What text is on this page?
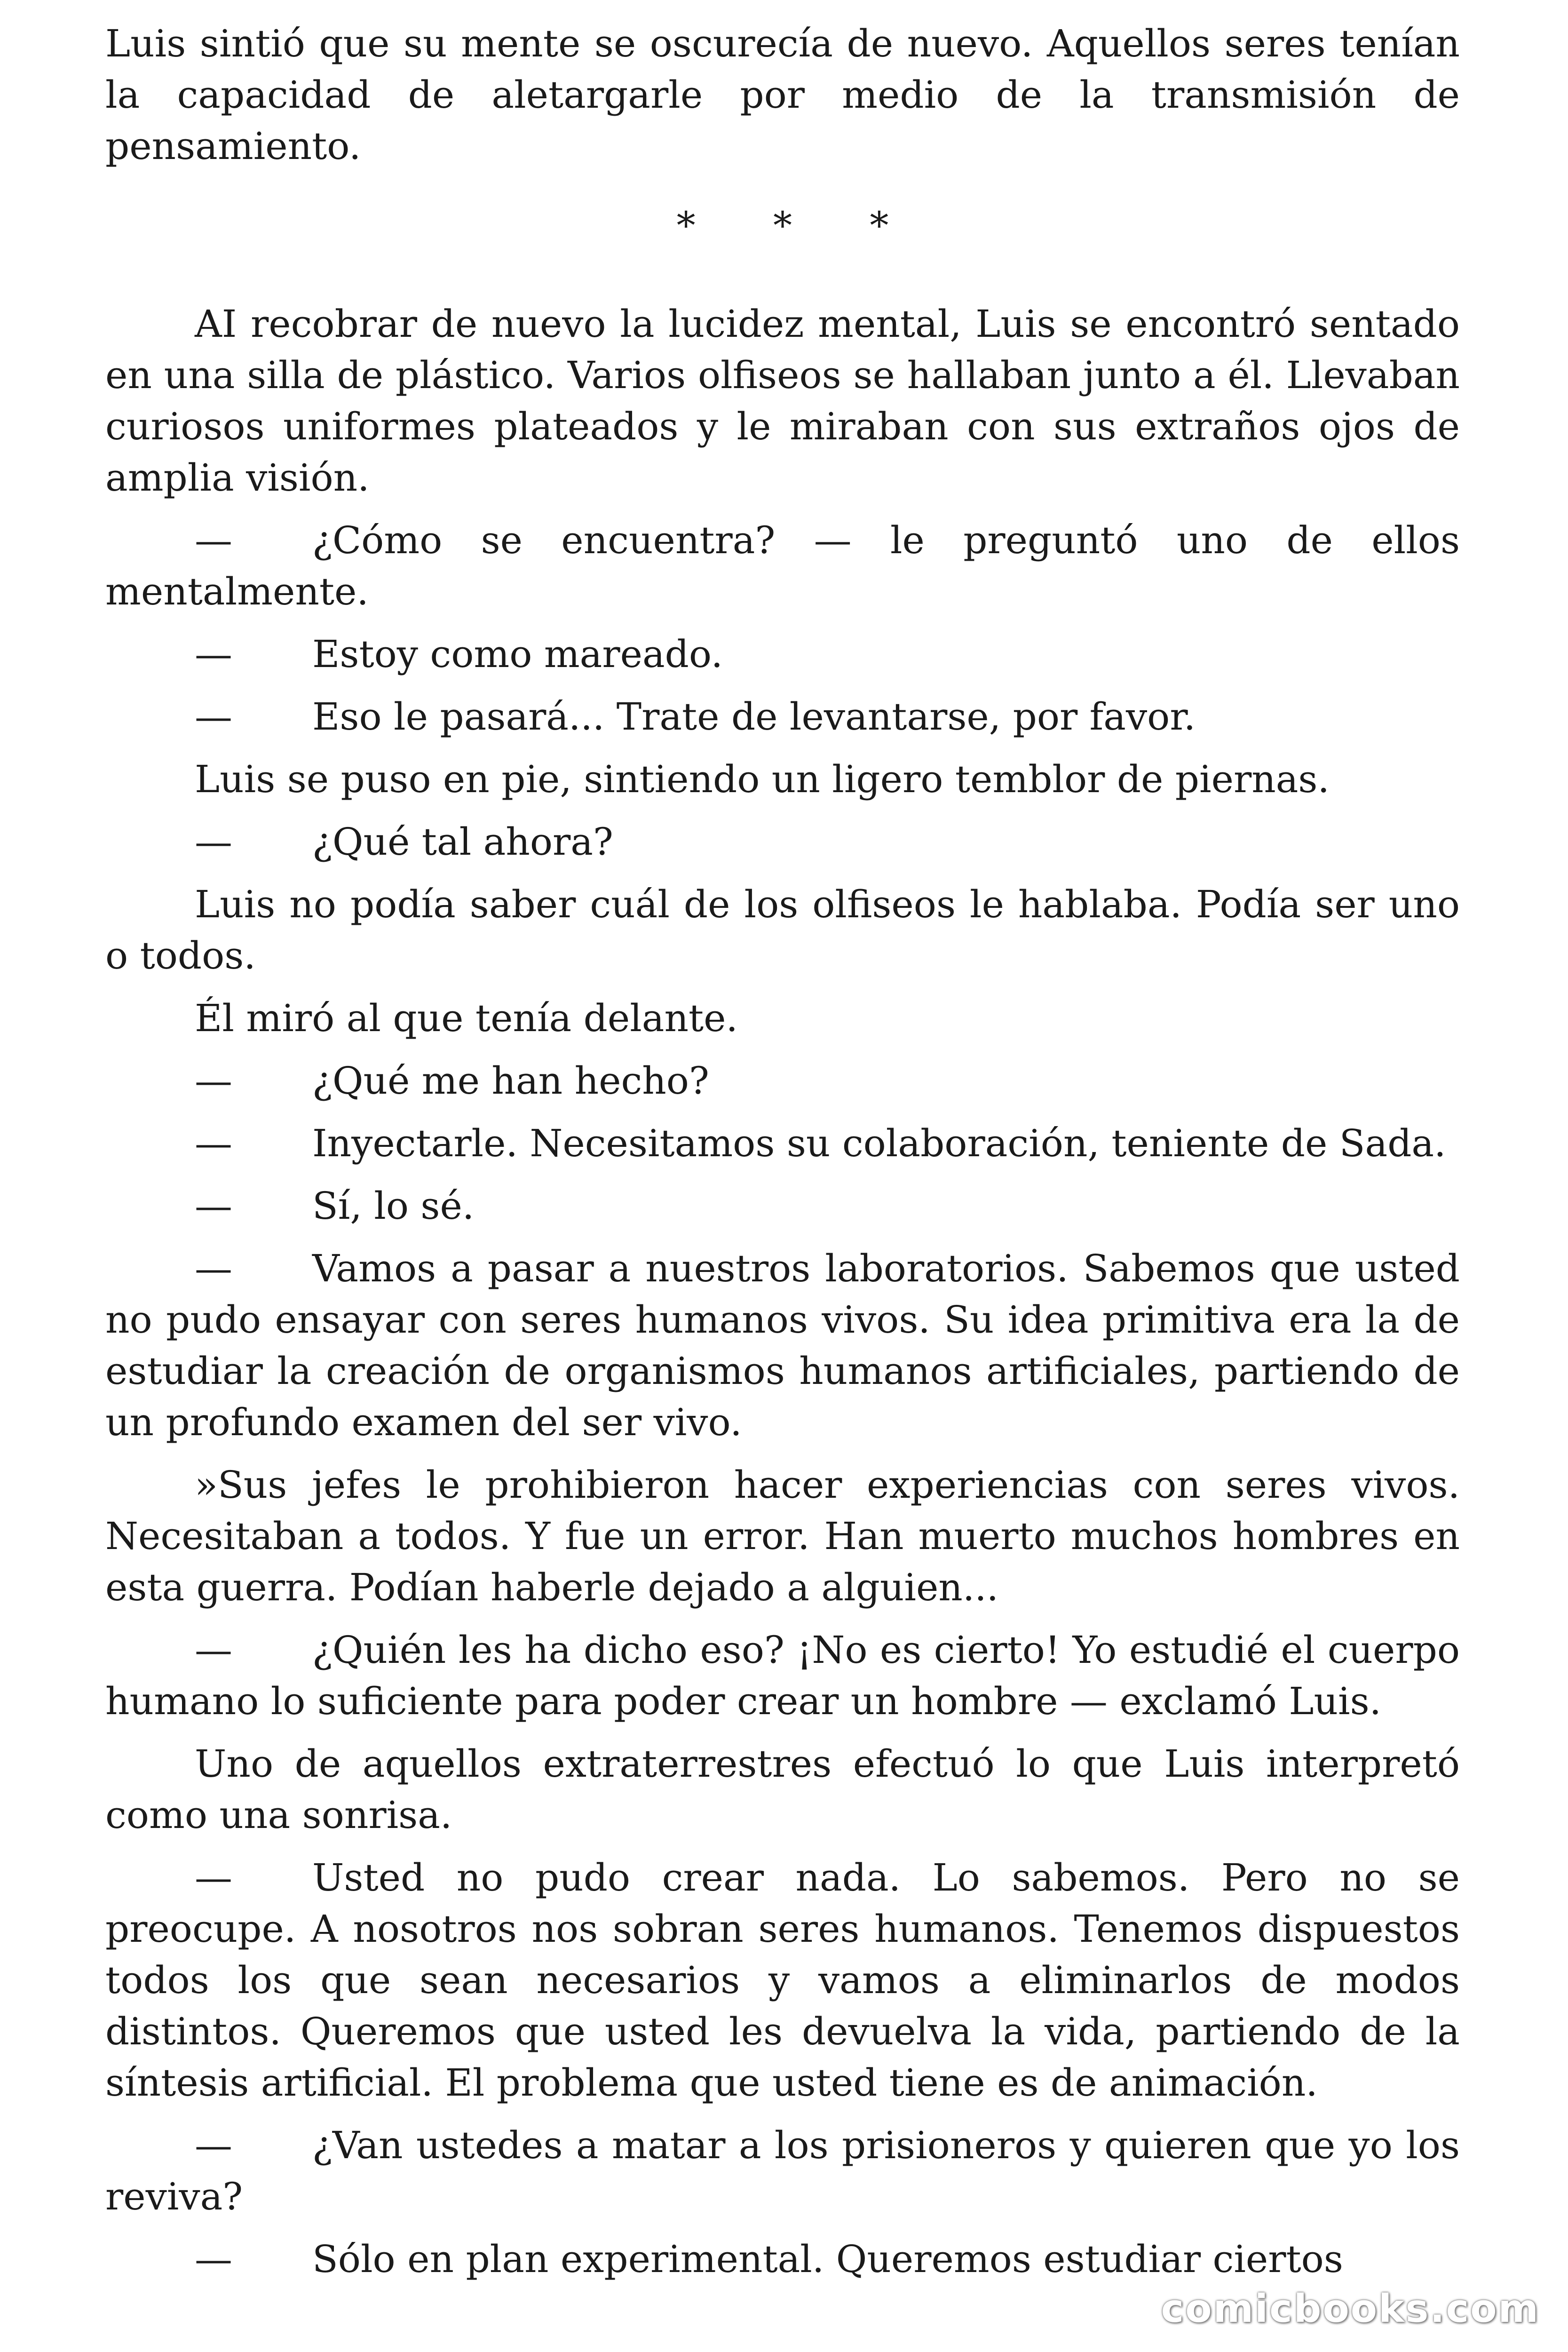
Luis sintió que su mente se oscurecía de nuevo. Aquellos seres tenían la capacidad de aletargarle por medio de la transmisión de pensamiento.

* * *

AI recobrar de nuevo la lucidez mental, Luis se encontró sentado en una silla de plástico. Varios olfiseos se hallaban junto a él. Llevaban curiosos uniformes plateados y le miraban con sus extraños ojos de amplia visión.

— ¿Cómo se encuentra? — le preguntó uno de ellos mentalmente.

— Estoy como mareado.

— Eso le pasará... Trate de levantarse, por favor.

Luis se puso en pie, sintiendo un ligero temblor de piernas.

— ¿Qué tal ahora?

Luis no podía saber cuál de los olfiseos le hablaba. Podía ser uno o todos.

Él miró al que tenía delante.

— ¿Qué me han hecho?

— Inyectarle. Necesitamos su colaboración, teniente de Sada.

— Sí, lo sé.

— Vamos a pasar a nuestros laboratorios. Sabemos que usted no pudo ensayar con seres humanos vivos. Su idea primitiva era la de estudiar la creación de organismos humanos artificiales, partiendo de un profundo examen del ser vivo.

»Sus jefes le prohibieron hacer experiencias con seres vivos. Necesitaban a todos. Y fue un error. Han muerto muchos hombres en esta guerra. Podían haberle dejado a alguien...

— ¿Quién les ha dicho eso? ¡No es cierto! Yo estudié el cuerpo humano lo suficiente para poder crear un hombre — exclamó Luis.

Uno de aquellos extraterrestres efectuó lo que Luis interpretó como una sonrisa.

— Usted no pudo crear nada. Lo sabemos. Pero no se preocupe. A nosotros nos sobran seres humanos. Tenemos dispuestos todos los que sean necesarios y vamos a eliminarlos de modos distintos. Queremos que usted les devuelva la vida, partiendo de la síntesis artificial. El problema que usted tiene es de animación.

— ¿Van ustedes a matar a los prisioneros y quieren que yo los reviva?

— Sólo en plan experimental. Queremos estudiar ciertos

comicbooks.com
